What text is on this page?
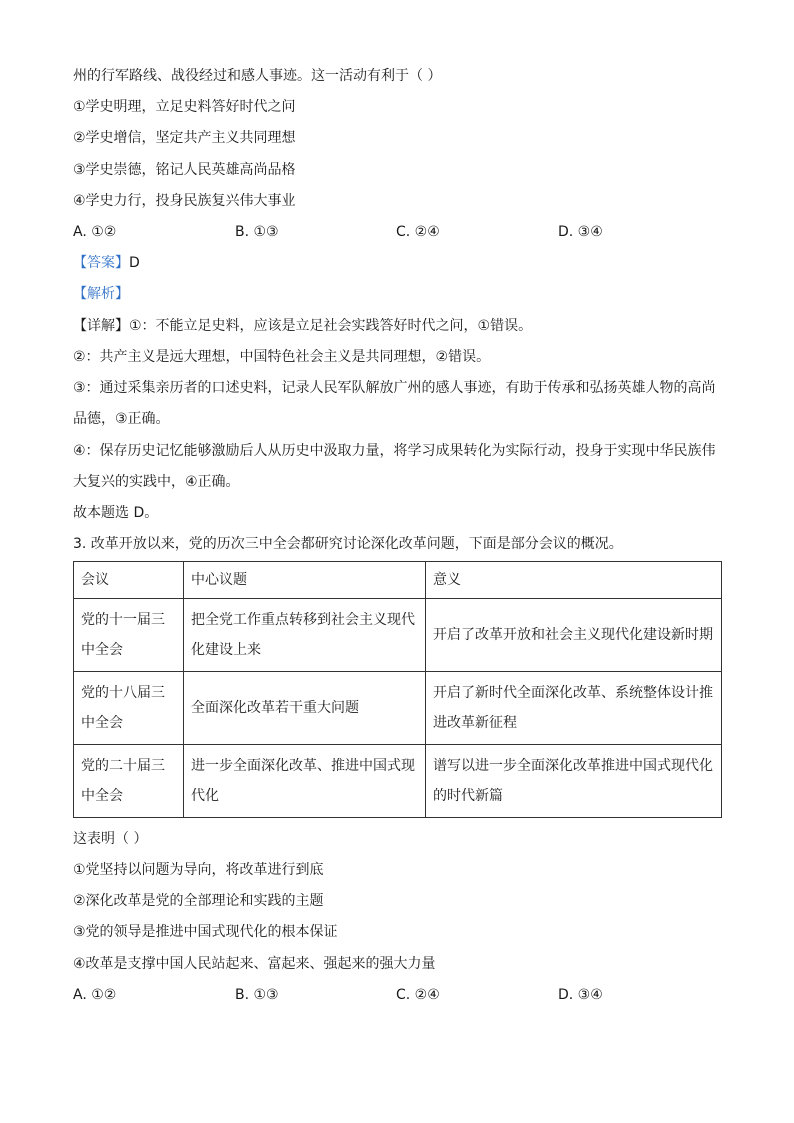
州的行军路线、战役经过和感人事迹。这一活动有利于（ ）
①学史明理，立足史料答好时代之问
②学史增信，坚定共产主义共同理想
③学史崇德，铭记人民英雄高尚品格
④学史力行，投身民族复兴伟大事业
A. ①②	B. ①③	C. ②④	D. ③④
【答案】D
【解析】
【详解】①：不能立足史料，应该是立足社会实践答好时代之问，①错误。
②：共产主义是远大理想，中国特色社会主义是共同理想，②错误。
③：通过采集亲历者的口述史料，记录人民军队解放广州的感人事迹，有助于传承和弘扬英雄人物的高尚
品德，③正确。
④：保存历史记忆能够激励后人从历史中汲取力量，将学习成果转化为实际行动，投身于实现中华民族伟
大复兴的实践中，④正确。
故本题选 D。
3. 改革开放以来，党的历次三中全会都研究讨论深化改革问题，下面是部分会议的概况。
会议	中心议题	意义
党的十一届三中全会	把全党工作重点转移到社会主义现代化建设上来	开启了改革开放和社会主义现代化建设新时期
党的十八届三中全会	全面深化改革若干重大问题	开启了新时代全面深化改革、系统整体设计推进改革新征程
党的二十届三中全会	进一步全面深化改革、推进中国式现代化	谱写以进一步全面深化改革推进中国式现代化的时代新篇
这表明（ ）
①党坚持以问题为导向，将改革进行到底
②深化改革是党的全部理论和实践的主题
③党的领导是推进中国式现代化的根本保证
④改革是支撑中国人民站起来、富起来、强起来的强大力量
A. ①②	B. ①③	C. ②④	D. ③④
